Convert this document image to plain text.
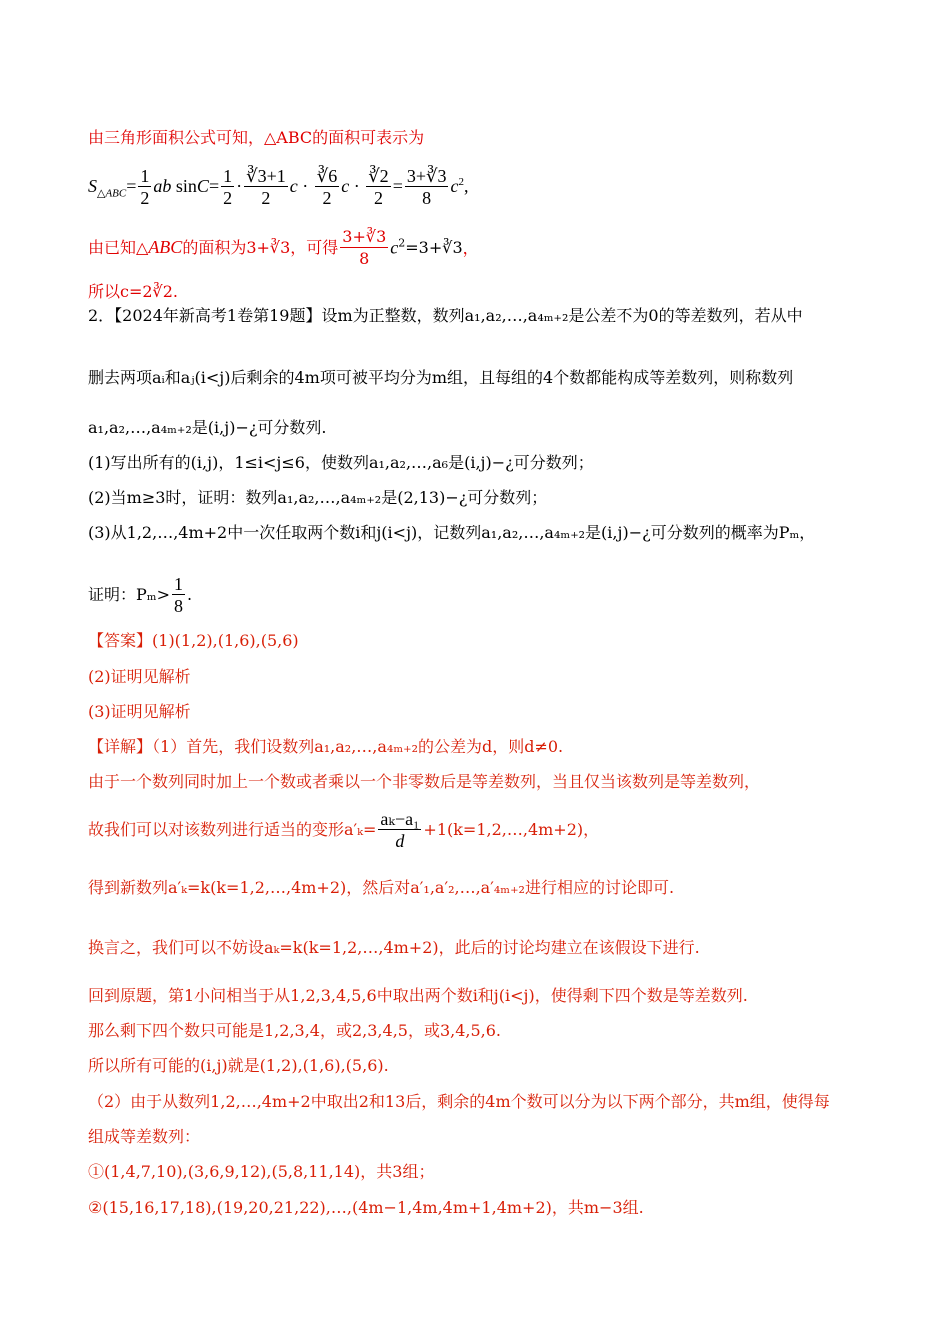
由三角形面积公式可知，△ABC的面积可表示为
$S_{\triangle ABC}= \frac{1}{2}$ ab $\sin C= \frac{1}{2} \cdot \frac{∛3+1}{2}$ $c \cdot \frac{∛6}{2}$ $c \cdot \frac{∛2}{2} = \frac{3+∛3}{8} c^2$,
由已知△ABC的面积为3+∛3，可得 $\frac{3+∛3}{8}$ $c^2=3+∛3$，
所以c=2∛2.
2．【2024年新高考1卷第19题】设m为正整数，数列a₁,a₂,…,a₄ₘ₊₂是公差不为0的等差数列，若从中
删去两项aᵢ和aⱼ(i<j)后剩余的4m项可被平均分为m组，且每组的4个数都能构成等差数列，则称数列
a₁,a₂,…,a₄ₘ₊₂是(i,j)−¿可分数列.
(1)写出所有的(i,j)，1≤i<j≤6，使数列a₁,a₂,…,a₆是(i,j)−¿可分数列；
(2)当m≥3时，证明：数列a₁,a₂,…,a₄ₘ₊₂是(2,13)−¿可分数列；
(3)从1,2,…,4m+2中一次任取两个数i和j(i<j)，记数列a₁,a₂,…,a₄ₘ₊₂是(i,j)−¿可分数列的概率为Pₘ，
证明：$P_m> \frac{1}{8}$ .
【答案】(1)(1,2),(1,6),(5,6)
(2)证明见解析
(3)证明见解析
【详解】（1）首先，我们设数列a₁,a₂,…,a₄ₘ₊₂的公差为d，则d≠0.
由于一个数列同时加上一个数或者乘以一个非零数后是等差数列，当且仅当该数列是等差数列，
故我们可以对该数列进行适当的变形$a'_k= \frac{\text{aₖ−a₁}}{d}$ +1(k=1,2,…,4m+2)，
得到新数列a′ₖ=k(k=1,2,…,4m+2)，然后对a′₁,a′₂,…,a′₄ₘ₊₂进行相应的讨论即可.
换言之，我们可以不妨设aₖ=k(k=1,2,…,4m+2)，此后的讨论均建立在该假设下进行.
回到原题，第1小问相当于从1,2,3,4,5,6中取出两个数i和j(i<j)，使得剩下四个数是等差数列.
那么剩下四个数只可能是1,2,3,4，或2,3,4,5，或3,4,5,6.
所以所有可能的(i,j)就是(1,2),(1,6),(5,6).
（2）由于从数列1,2,…,4m+2中取出2和13后，剩余的4m个数可以分为以下两个部分，共m组，使得每
组成等差数列：
①(1,4,7,10),(3,6,9,12),(5,8,11,14)，共3组；
②(15,16,17,18),(19,20,21,22),…,(4m−1,4m,4m+1,4m+2)，共m−3组.
